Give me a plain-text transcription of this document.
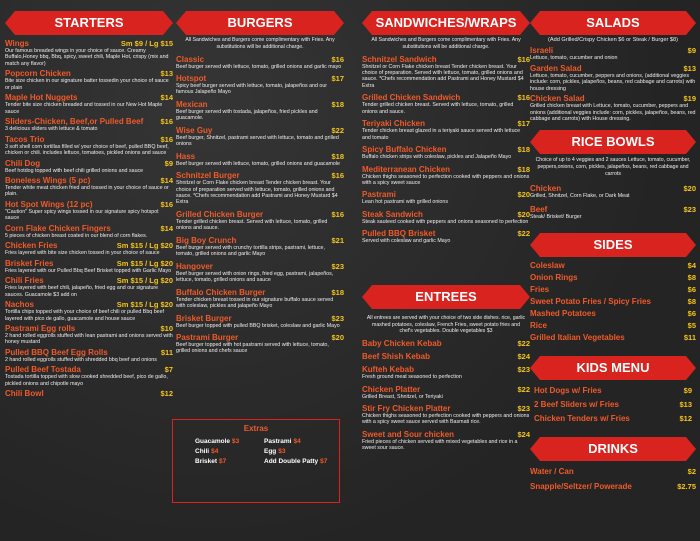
STARTERS
Wings	Sm $9 / Lg $15
Our famous breaded wings in your choice of sauce. Creamy Buffalo,Honey bbq, Bbq, spicy, sweet chili, Maple Hot, crispy (mix and match any flavor)
Popcorn Chicken	$13
Bite size chicken in our signature batter tossedin your choice of sauce or plain
Maple Hot Nuggets	$14
Tender bite size chicken breaded and tossed in our New Hot Maple sauce
Sliders-Chicken, Beef,or Pulled Beef $16
3 delicious sliders with lettuce & tomato
Tacos Trio	$16
3 soft shell corn tortillas filled w/ your choice of beef, pulled BBQ beef, chicken or chili. includes lettuce, tomatoes, pickled onions and sauce
Chili Dog	$9
Beef hotdog topped with beef chili grilled onions and sauce
Boneless Wings (5 pc)	$14
Tender white meat chicken fried and tossed in your choice of sauce or plain.
Hot Spot Wings (12 pc)	$16
"Caution" Super spicy wings tossed in our signature spicy hotspot sauce
Corn Flake Chicken Fingers	$14
5 pieces of chicken breast coated in our blend of corn flakes.
Chicken Fries	Sm $15 / Lg $20
Fries layered with bite size chicken tossed in your choice of sauce
Brisket Fries	Sm $15 / Lg $20
Fries layered with our Pulled Bbq Beef Brisket topped with Garlic Mayo
Chili Fries	Sm $15 / Lg $20
Fries layered with beef chili, jalapeño, fried egg and our signature sauces. Guacamole $3 add on
Nachos	Sm $15 / Lg $20
Tortilla chips topped with your choice of beef chili or pulled Bbq beef layered with pico de gallo, guacamole and house sauce
Pastrami Egg rolls	$10
2 hand rolled eggrolls stuffed with lean pastrami and onions served with honey mustard
Pulled BBQ Beef Egg Rolls	$11
2 hand rolled eggrolls stuffed with shredded bbq beef and onions
Pulled Beef Tostada	$7
Tostada tortilla topped with slow cooked shredded beef, pico de gallo, pickled onions and chipotle mayo
Chili Bowl	$12
BURGERS
All Sandwiches and Burgers come complimentary with Fries. Any substitutions will be additional charge.
Classic	$16
Beef burger served with lettuce, tomato, grilled onions and garlic mayo
Hotspot	$17
Spicy beef burger served with lettuce, tomato, jalapeños and our famous Jalapeño Mayo
Mexican	$18
Beef burger served with tostada, jalapeños, fried pickles and guacamole.
Wise Guy	$22
Beef burger, Shnitzel, pastrami served with lettuce, tomato and grilled onions
Hass	$18
Beef burger served with lettuce, tomato, grilled onions and guacamole
Schnitzel Burger	$16
Shnitzel or Corn Flake chicken breast Tender chicken breast. Your choice of preparation served with lettuce, tomato, grilled onions and sauce. *Chefs recommendation add Pastrami and Honey Mustard $4 Extra
Grilled Chicken Burger	$16
Tender grilled chicken breast. Served with lettuce, tomato, grilled onions and sauce.
Big Boy Crunch	$21
Beef burger served with crunchy tortilla strips, pastrami, lettuce, tomato, grilled onions and garlic Mayo
Hangover	$23
Beef burger served with onion rings, fried egg, pastrami, jalapeños, lettuce, tomato, grilled onions and sauce
Buffalo Chicken Burger	$18
Tender chicken breast tossed in our signature buffalo sauce served with coleslaw, pickles and jalapeño Mayo
Brisket Burger	$23
Beef burger topped with pulled BBQ brisket, coleslaw and garlic Mayo
Pastrami Burger	$20
Beef burger topped with hot pastrami served with lettuce, tomato, grilled onions and chefs sauce
Extras
Guacamole $3
Chili $4
Brisket $7
Pastrami $4
Egg $3
Add Double Patty $7
SANDWICHES/WRAPS
All Sandwiches and Burgers come complimentary with Fries. Any substitutions will be additional charge.
Schnitzel Sandwich	$16
Shnitzel or Corn Flake chicken breast Tender chicken breast. Your choice of preparation. Served with lettuce, tomato, grilled onions and sauce. *Chefs recommendation add Pastrami and Honey Mustard $4 Extra
Grilled Chicken Sandwich	$16
Tender grilled chicken breast. Served with lettuce, tomato, grilled onions and sauce.
Teriyaki Chicken	$17
Tender chicken breast glazed in a teriyaki sauce served with lettuce and tomato
Spicy Buffalo Chicken	$18
Buffalo chicken strips with coleslaw, pickles and Jalapeño Mayo
Mediterranean Chicken	$18
Chicken thighs seasoned to perfection cooked with peppers and onions with a spicy sweet sauce
Pastrami	$20
Lean hot pastrami with grilled onions
Steak Sandwich	$20
Steak sauteed cooked with peppers and onions seasoned to perfection
Pulled BBQ Brisket	$22
Served with coleslaw and garlic Mayo
ENTREES
All entrees are served with your choice of two side dishes. rice, garlic mashed potatoes, coleslaw, French Fries, sweet potato fries and chef's vegetables. Double vegetables $3
Baby Chicken Kebab	$22
Beef Shish Kebab	$24
Kufteh Kebab	$23
Fresh ground meat seasoned to perfection
Chicken Platter	$22
Grilled Breast, Shnitzel, or Teriyaki
Stir Fry Chicken Platter	$23
Chicken thighs seasoned to perfection cooked with peppers and onions with a spicy sweet sauce served with Basmati rice.
Sweet and Sour chicken	$24
Fried pieces of chicken served with mixed vegetables and rice in a sweet sour sauce.
SALADS
(Add Grilled/Crispy Chicken $6 or Steak / Burger $8)
Israeli	$9
Lettuce, tomato, cucumber and onion
Garden Salad	$13
Lettuce, tomato, cucumber, peppers and onions, (additional veggies include: corn, pickles, jalapeños, beans, red cabbage and carrots) with house dressing
Chicken Salad	$19
Grilled chicken breast with Lettuce, tomato, cucumber, peppers and onions (additional veggies include: corn, pickles, jalapeños, beans, red cabbage and carrots) with House dressing.
RICE BOWLS
Choice of up to 4 veggies and 2 sauces Lettuce, tomato, cucumber, peppers,onions, corn, pickles, jalapeños, beans, red cabbage and carrots
Chicken	$20
Grilled, Shnitzel, Corn Flake, or Dark Meat
Beef	$23
Steak/ Brisket/ Burger
SIDES
Coleslaw	$4
Onion Rings	$8
Fries	$6
Sweet Potato Fries / Spicy Fries	$8
Mashed Potatoes	$6
Rice	$5
Grilled Italian Vegetables	$11
KIDS MENU
Hot Dogs w/ Fries	$9
2 Beef Sliders w/ Fries	$13
Chicken Tenders w/ Fries	$12
DRINKS
Water / Can	$2
Snapple/Seltzer/ Powerade	$2.75
